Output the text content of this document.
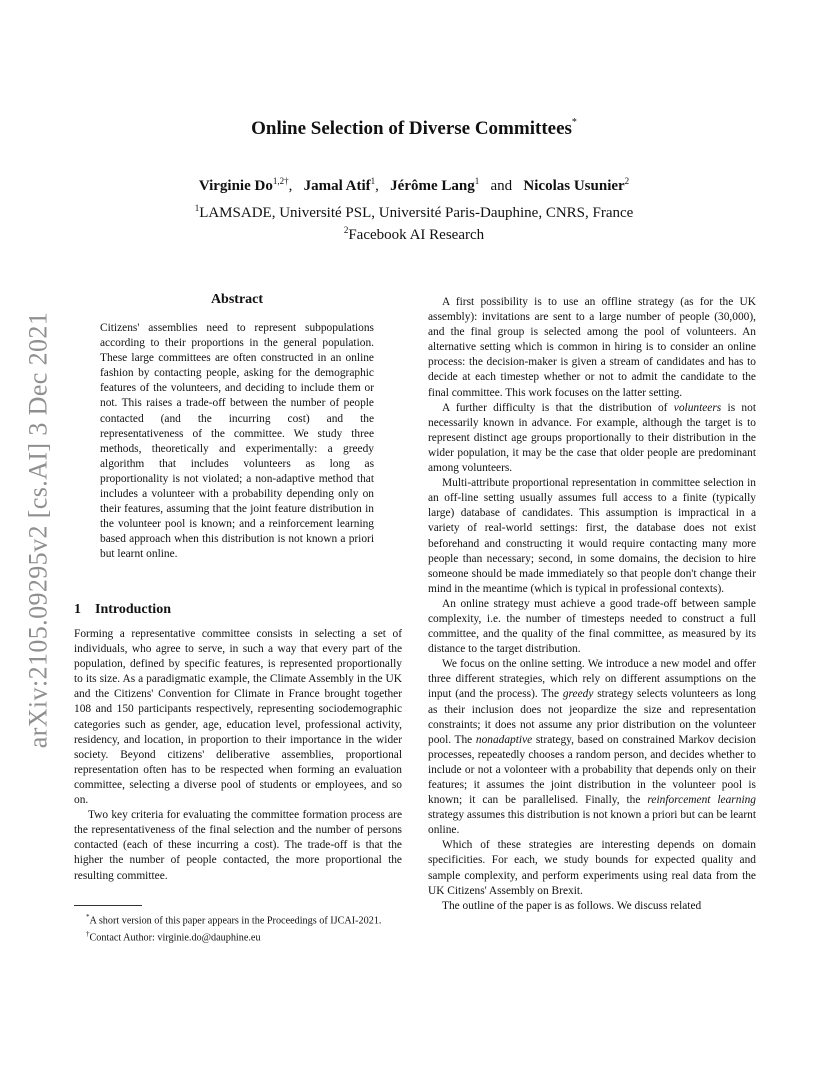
arXiv:2105.09295v2 [cs.AI] 3 Dec 2021
Online Selection of Diverse Committees*
Virginie $Do^{1,2\dagger}$, Jamal Atif$^1$, Jérôme Lang$^1$ and Nicolas Usunier$^2$
$^1$LAMSADE, Université PSL, Université Paris-Dauphine, CNRS, France
$^2$Facebook AI Research
Abstract
Citizens' assemblies need to represent subpopulations according to their proportions in the general population. These large committees are often constructed in an online fashion by contacting people, asking for the demographic features of the volunteers, and deciding to include them or not. This raises a trade-off between the number of people contacted (and the incurring cost) and the representativeness of the committee. We study three methods, theoretically and experimentally: a greedy algorithm that includes volunteers as long as proportionality is not violated; a non-adaptive method that includes a volunteer with a probability depending only on their features, assuming that the joint feature distribution in the volunteer pool is known; and a reinforcement learning based approach when this distribution is not known a priori but learnt online.
1 Introduction

Forming a representative committee consists in selecting a set of individuals, who agree to serve, in such a way that every part of the population, defined by specific features, is represented proportionally to its size. As a paradigmatic example, the Climate Assembly in the UK and the Citizens' Convention for Climate in France brought together 108 and 150 participants respectively, representing sociodemographic categories such as gender, age, education level, professional activity, residency, and location, in proportion to their importance in the wider society. Beyond citizens' deliberative assemblies, proportional representation often has to be respected when forming an evaluation committee, selecting a diverse pool of students or employees, and so on.

Two key criteria for evaluating the committee formation process are the representativeness of the final selection and the number of persons contacted (each of these incurring a cost). The trade-off is that the higher the number of people contacted, the more proportional the resulting committee.

*A short version of this paper appears in the Proceedings of IJCAI-2021.

†Contact Author: virginie.do@dauphine.eu

A first possibility is to use an offline strategy (as for the UK assembly): invitations are sent to a large number of people (30,000), and the final group is selected among the pool of volunteers. An alternative setting which is common in hiring is to consider an online process: the decision-maker is given a stream of candidates and has to decide at each timestep whether or not to admit the candidate to the final committee. This work focuses on the latter setting.

A further difficulty is that the distribution of volunteers is not necessarily known in advance. For example, although the target is to represent distinct age groups proportionally to their distribution in the wider population, it may be the case that older people are predominant among volunteers.

Multi-attribute proportional representation in committee selection in an off-line setting usually assumes full access to a finite (typically large) database of candidates. This assumption is impractical in a variety of real-world settings: first, the database does not exist beforehand and constructing it would require contacting many more people than necessary; second, in some domains, the decision to hire someone should be made immediately so that people don't change their mind in the meantime (which is typical in professional contexts).

An online strategy must achieve a good trade-off between sample complexity, i.e. the number of timesteps needed to construct a full committee, and the quality of the final committee, as measured by its distance to the target distribution.

We focus on the online setting. We introduce a new model and offer three different strategies, which rely on different assumptions on the input (and the process). The greedy strategy selects volunteers as long as their inclusion does not jeopardize the size and representation constraints; it does not assume any prior distribution on the volunteer pool. The nonadaptive strategy, based on constrained Markov decision processes, repeatedly chooses a random person, and decides whether to include or not a volonteer with a probability that depends only on their features; it assumes the joint distribution in the volunteer pool is known; it can be parallelised. Finally, the reinforcement learning strategy assumes this distribution is not known a priori but can be learnt online.

Which of these strategies are interesting depends on domain specificities. For each, we study bounds for expected quality and sample complexity, and perform experiments using real data from the UK Citizens' Assembly on Brexit.

The outline of the paper is as follows. We discuss related
